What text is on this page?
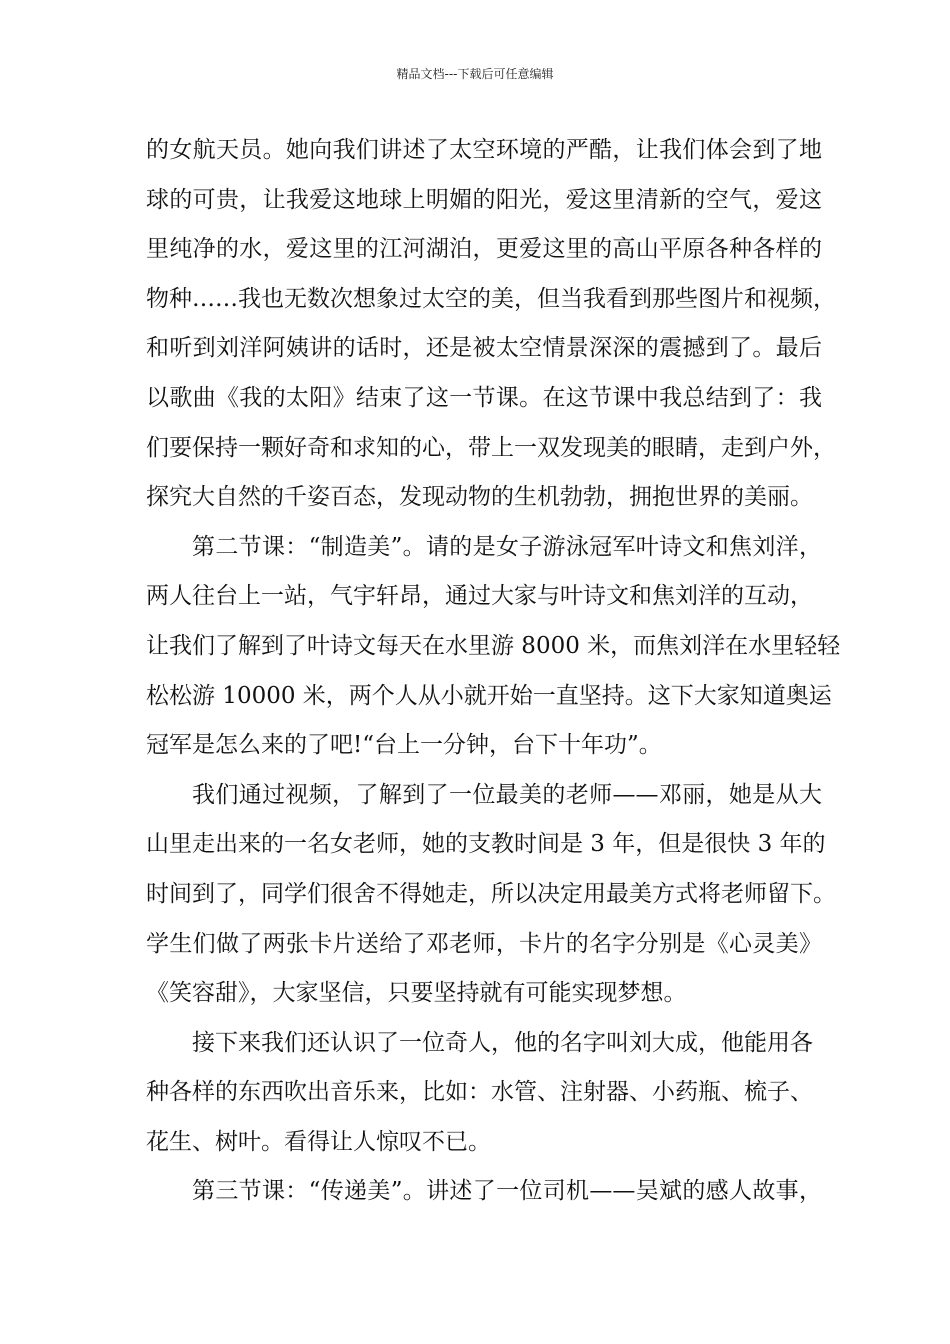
精品文档---下载后可任意编辑
的女航天员。她向我们讲述了太空环境的严酷，让我们体会到了地
球的可贵，让我爱这地球上明媚的阳光，爱这里清新的空气，爱这
里纯净的水，爱这里的江河湖泊，更爱这里的高山平原各种各样的
物种……我也无数次想象过太空的美，但当我看到那些图片和视频，
和听到刘洋阿姨讲的话时，还是被太空情景深深的震撼到了。最后
以歌曲《我的太阳》结束了这一节课。在这节课中我总结到了：我
们要保持一颗好奇和求知的心，带上一双发现美的眼睛，走到户外，
探究大自然的千姿百态，发现动物的生机勃勃，拥抱世界的美丽。
第二节课：“制造美”。请的是女子游泳冠军叶诗文和焦刘洋，
两人往台上一站，气宇轩昂，通过大家与叶诗文和焦刘洋的互动，
让我们了解到了叶诗文每天在水里游 8000 米，而焦刘洋在水里轻轻
松松游 10000 米，两个人从小就开始一直坚持。这下大家知道奥运
冠军是怎么来的了吧!“台上一分钟，台下十年功”。
我们通过视频，了解到了一位最美的老师——邓丽，她是从大
山里走出来的一名女老师，她的支教时间是 3 年，但是很快 3 年的
时间到了，同学们很舍不得她走，所以决定用最美方式将老师留下。
学生们做了两张卡片送给了邓老师，卡片的名字分别是《心灵美》
《笑容甜》，大家坚信，只要坚持就有可能实现梦想。
接下来我们还认识了一位奇人，他的名字叫刘大成，他能用各
种各样的东西吹出音乐来，比如：水管、注射器、小药瓶、梳子、
花生、树叶。看得让人惊叹不已。
第三节课：“传递美”。讲述了一位司机——吴斌的感人故事，
